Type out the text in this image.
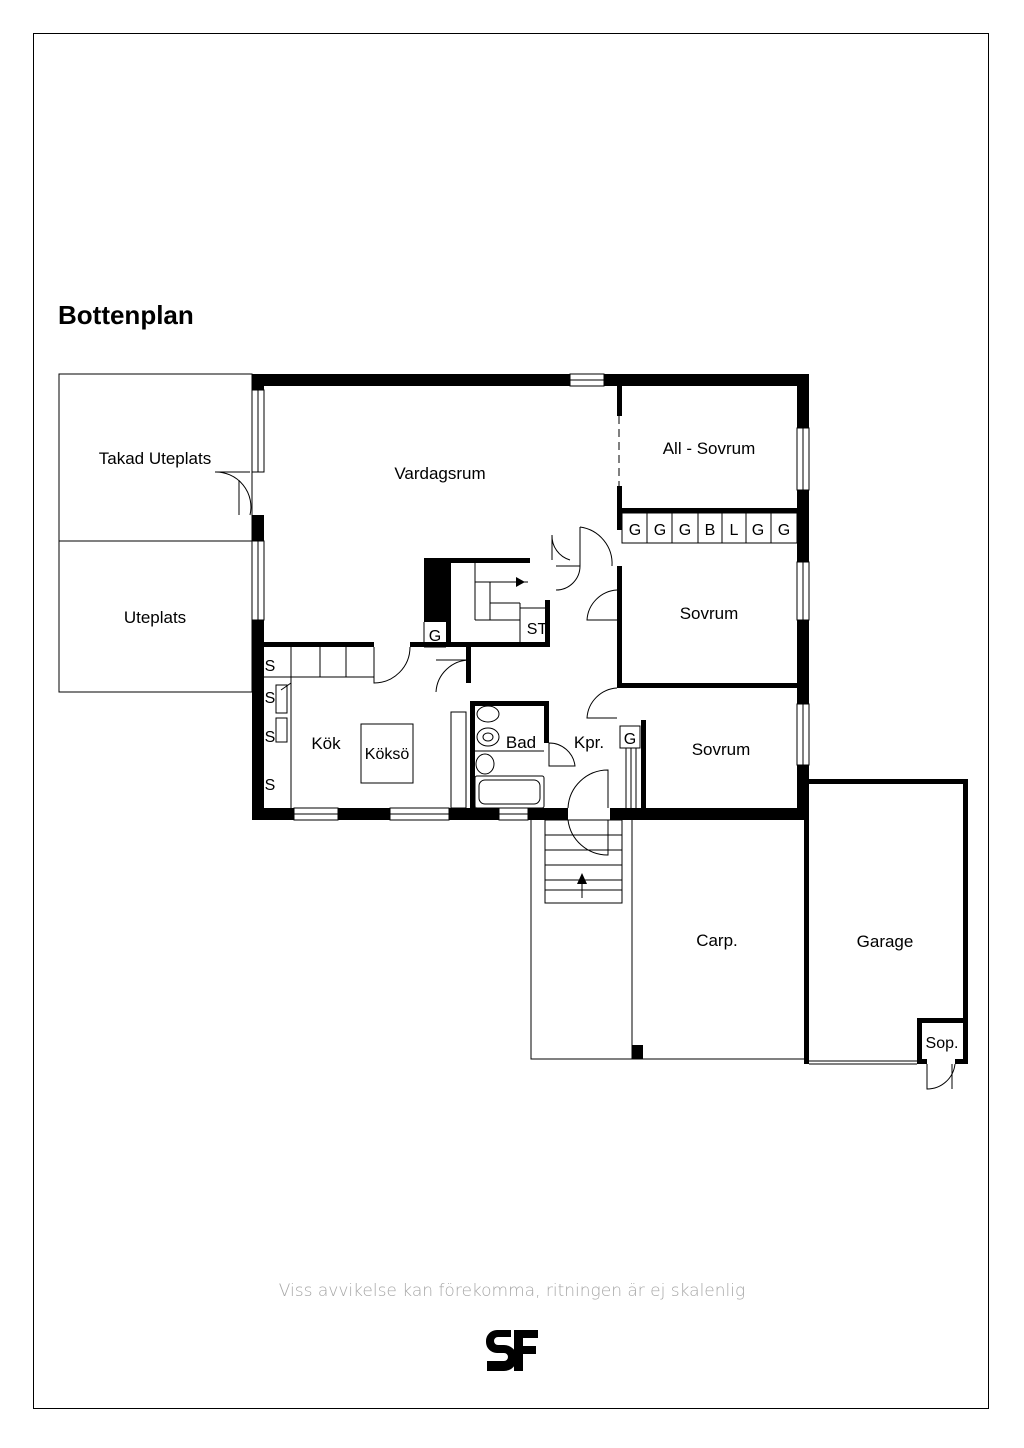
Bottenplan
Takad Uteplats
Uteplats
Vardagsrum
All - Sovrum
Sovrum
Sovrum
Kök
Köksö
Bad Kpr.
Carp.	Garage
Sop.
G G G B L G G
G
G
ST
S
S
S
S
Viss avvikelse kan förekomma, ritningen är ej skalenlig
